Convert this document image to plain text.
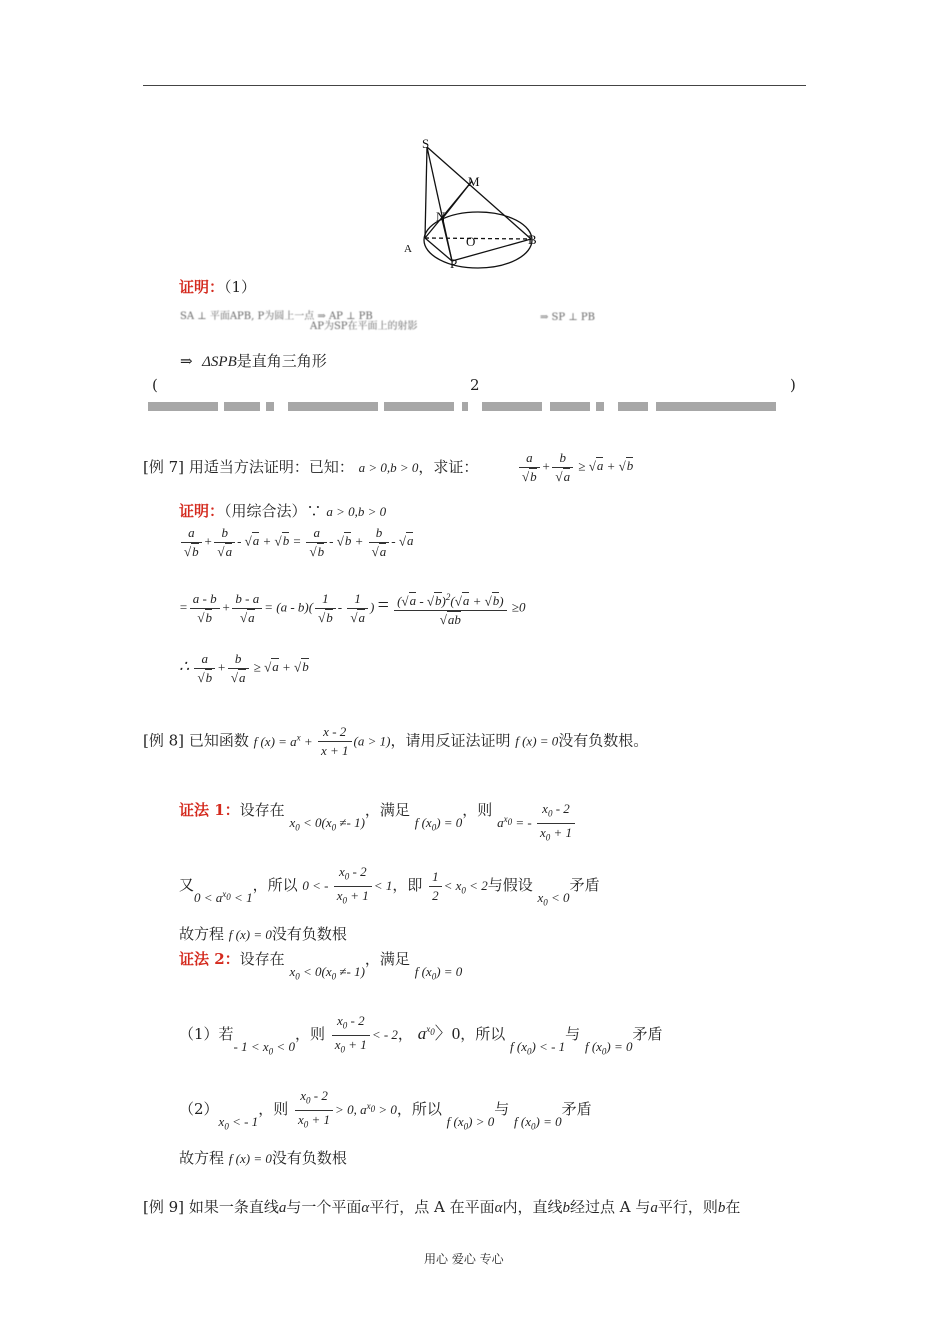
S
M
N
A	O	B
P
证明：（1）
SA ⊥ 平面APB, P为圆上一点 ⇒ AP ⊥ PB
AP为SP在平面上的射影
⇒ SP ⊥ PB
⇒ ΔSPB是直角三角形
(	2	)
[例 7] 用适当方法证明：已知： a > 0,b > 0，求证：	$\frac{a}{√b} + \frac{b}{√a} \ge √a + √b$
证明：（用综合法）∵ a > 0,b > 0
$\frac{a}{√b} + \frac{b}{√a} - √a + √b = \frac{a}{√b} - √b + \frac{b}{√a} - √a$
= $\frac{a - b}{√b} + \frac{b - a}{√a} = (a - b)( \frac{1}{√b} - \frac{1}{√a}$ ) = $\frac{(√a - √b)^2(√a + √b)}{√ab} \ge 0$
∴ $\frac{a}{√b} + \frac{b}{√a} \ge √a + √b$
[例 8] 已知函数 f $(x) = a^x + \frac{x - 2}{x + 1} (a > 1)$，请用反证法证明 f (x) = 0没有负数根。
证法 1：设存在 $x_0 < 0(x_0 \ne- 1)$，满足 f $(x_0) = 0$，则 $a^{x_0}$ = - $\frac{x_0 - 2}{x_0 + 1}$
又$0 < a^{x_0} < 1$，所以 0 < - $\frac{x_0 - 2}{x_0 + 1} < 1$，即 $\frac{1}{2} < x_0 < 2$与假设 $x_0 < 0$矛盾
故方程 f (x) = 0没有负数根
证法 2：设存在 $x_0 < 0(x_0 \ne- 1)$，满足 f $(x_0) = 0$
（1）若- $1 < x_0 < 0$，则 $\frac{x_0 - 2}{x_0 + 1}$ < - 2， $a^{x_0}$〉0，所以 f $(x_0)$ < - 1与 f $(x_0) = 0$矛盾
$(2)x_0$ < - 1，则 $\frac{x_0 - 2}{x_0 + 1} > 0$, $a^{x_0} > 0$，所以 f $(x_0) > 0$与 f $(x_0) = 0$矛盾
故方程 f (x) = 0没有负数根
[例 9] 如果一条直线a与一个平面α平行，点 A 在平面α内，直线b经过点 A 与a平行，则b在
用心 爱心 专心
